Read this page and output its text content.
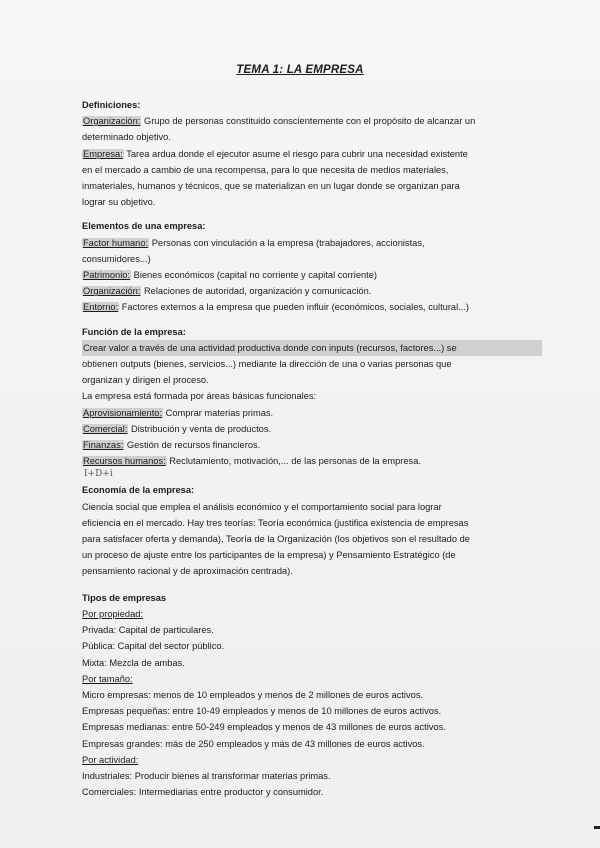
TEMA 1: LA EMPRESA
Definiciones:
Organización: Grupo de personas constituido conscientemente con el propósito de alcanzar un
determinado objetivo.
Empresa: Tarea ardua donde el ejecutor asume el riesgo para cubrir una necesidad existente
en el mercado a cambio de una recompensa, para lo que necesita de medios materiales,
inmateriales, humanos y técnicos, que se materializan en un lugar donde se organizan para
lograr su objetivo.
Elementos de una empresa:
Factor humano: Personas con vinculación a la empresa (trabajadores, accionistas,
consumidores...)
Patrimonio: Bienes económicos (capital no corriente y capital corriente)
Organización: Relaciones de autoridad, organización y comunicación.
Entorno: Factores externos a la empresa que pueden influir (económicos, sociales, cultural...)
Función de la empresa:
Crear valor a través de una actividad productiva donde con inputs (recursos, factores...) se
obtienen outputs (bienes, servicios...) mediante la dirección de una o varias personas que
organizan y dirigen el proceso.
La empresa está formada por áreas básicas funcionales:
Aprovisionamiento: Comprar materias primas.
Comercial: Distribución y venta de productos.
Finanzas: Gestión de recursos financieros.
Recursos humanos: Reclutamiento, motivación,... de las personas de la empresa.
I+D+i
Economía de la empresa:
Ciencia social que emplea el análisis económico y el comportamiento social para lograr
eficiencia en el mercado. Hay tres teorías: Teoría económica (justifica existencia de empresas
para satisfacer oferta y demanda), Teoría de la Organización (los objetivos son el resultado de
un proceso de ajuste entre los participantes de la empresa) y Pensamiento Estratégico (de
pensamiento racional y de aproximación centrada).
Tipos de empresas
Por propiedad:
Privada: Capital de particulares.
Pública: Capital del sector público.
Mixta: Mezcla de ambas.
Por tamaño:
Micro empresas: menos de 10 empleados y menos de 2 millones de euros activos.
Empresas pequeñas: entre 10-49 empleados y menos de 10 millones de euros activos.
Empresas medianas: entre 50-249 empleados y menos de 43 millones de euros activos.
Empresas grandes: más de 250 empleados y más de 43 millones de euros activos.
Por actividad:
Industriales: Producir bienes al transformar materias primas.
Comerciales: Intermediarias entre productor y consumidor.
